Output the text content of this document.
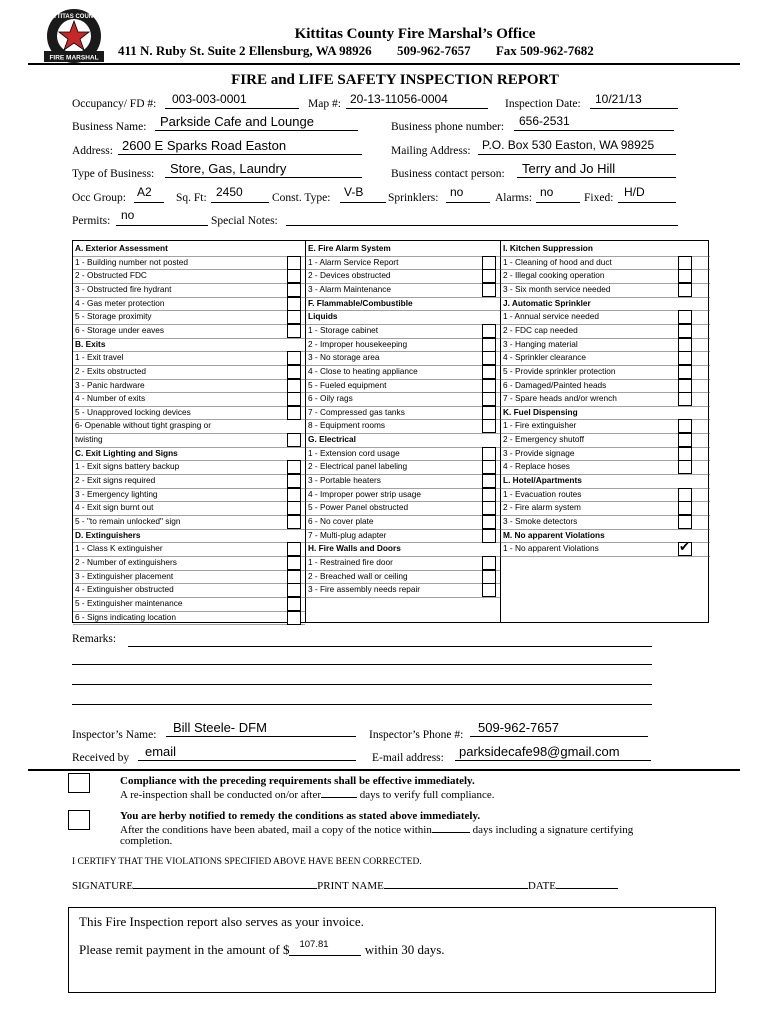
FIRE MARSHAL
KITTITAS COUNTY
Kittitas County Fire Marshal’s Office
411 N. Ruby St. Suite 2 Ellensburg, WA 98926 509-962-7657 Fax 509-962-7682
FIRE and LIFE SAFETY INSPECTION REPORT
Occupancy/ FD #: 003-003-0001	Map #: 20-13-11056-0004	Inspection Date: 10/21/13
Business Name: Parkside Cafe and Lounge	Business phone number: 656-2531
Address: 2600 E Sparks Road Easton	Mailing Address: P.O. Box 530 Easton, WA 98925
Type of Business: Store, Gas, Laundry	Business contact person: Terry and Jo Hill
Occ Group: A2 Sq. Ft: 2450	Const. Type: V-B Sprinklers: no	Alarms: no	Fixed: H/D
Permits: no	Special Notes:
A. Exterior Assessment
1 - Building number not posted
2 - Obstructed FDC
3 - Obstructed fire hydrant
4 - Gas meter protection
5 - Storage proximity
6 - Storage under eaves
B. Exits
1 - Exit travel
2 - Exits obstructed
3 - Panic hardware
4 - Number of exits
5 - Unapproved locking devices
6- Openable without tight grasping or
twisting
C. Exit Lighting and Signs
1 - Exit signs battery backup
2 - Exit signs required
3 - Emergency lighting
4 - Exit sign burnt out
5 - "to remain unlocked" sign
D. Extinguishers
1 - Class K extinguisher
2 - Number of extinguishers
3 - Extinguisher placement
4 - Extinguisher obstructed
5 - Extinguisher maintenance
6 - Signs indicating location
E. Fire Alarm System
1 - Alarm Service Report
2 - Devices obstructed
3 - Alarm Maintenance
F. Flammable/Combustible
Liquids
1 - Storage cabinet
2 - Improper housekeeping
3 - No storage area
4 - Close to heating appliance
5 - Fueled equipment
6 - Oily rags
7 - Compressed gas tanks
8 - Equipment rooms
G. Electrical
1 - Extension cord usage
2 - Electrical panel labeling
3 - Portable heaters
4 - Improper power strip usage
5 - Power Panel obstructed
6 - No cover plate
7 - Multi-plug adapter
H. Fire Walls and Doors
1 - Restrained fire door
2 - Breached wall or ceiling
3 - Fire assembly needs repair
I. Kitchen Suppression
1 - Cleaning of hood and duct
2 - Illegal cooking operation
3 - Six month service needed
J. Automatic Sprinkler
1 - Annual service needed
2 - FDC cap needed
3 - Hanging material
4 - Sprinkler clearance
5 - Provide sprinkler protection
6 - Damaged/Painted heads
7 - Spare heads and/or wrench
K. Fuel Dispensing
1 - Fire extinguisher
2 - Emergency shutoff
3 - Provide signage
4 - Replace hoses
L. Hotel/Apartments
1 - Evacuation routes
2 - Fire alarm system
3 - Smoke detectors
M. No apparent Violations
1 - No apparent Violations	✔
Remarks:
Inspector’s Name: Bill Steele- DFM	Inspector’s Phone #: 509-962-7657
Received by email	E-mail address: parksidecafe98@gmail.com
Compliance with the preceding requirements shall be effective immediately.
A re-inspection shall be conducted on/or after	days to verify full compliance.
You are herby notified to remedy the conditions as stated above immediately.
After the conditions have been abated, mail a copy of the notice within	days including a signature certifying
completion.
I CERTIFY THAT THE VIOLATIONS SPECIFIED ABOVE HAVE BEEN CORRECTED.
SIGNATURE	PRINT NAME	DATE
This Fire Inspection report also serves as your invoice.
Please remit payment in the amount of $ 107.81	within 30 days.
